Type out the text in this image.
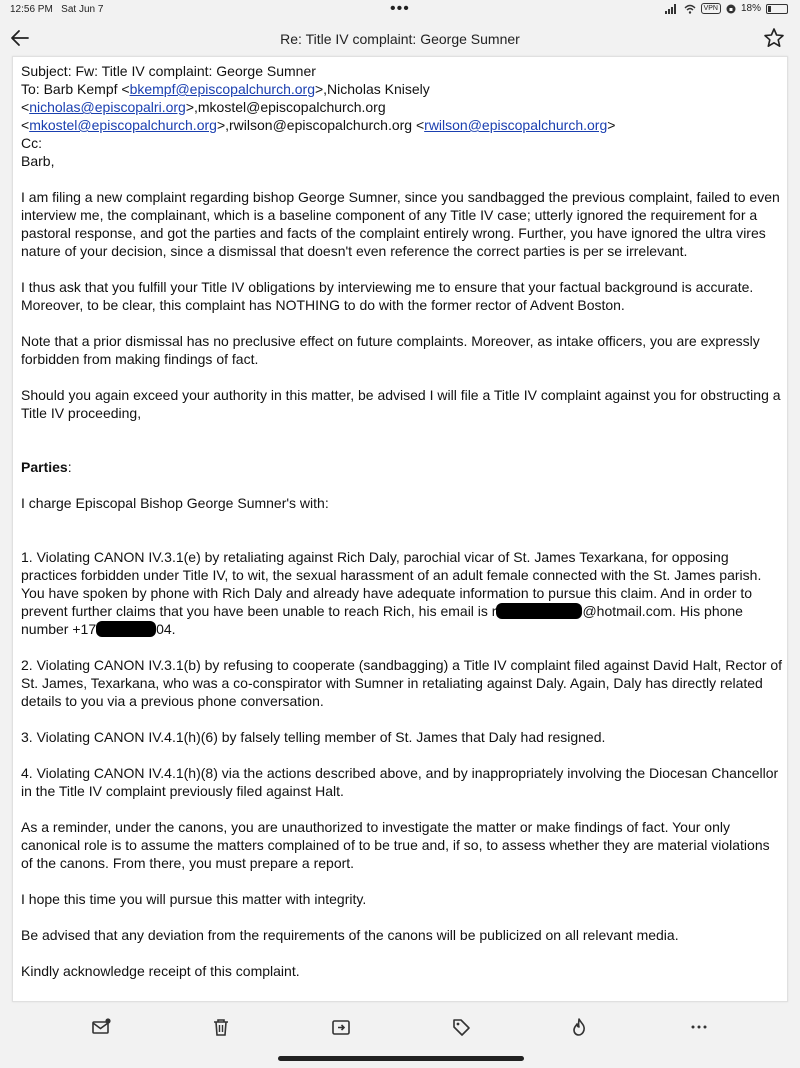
12:56 PM Sat Jun 7	•••	VPN	18%
Re: Title IV complaint: George Sumner

Subject: Fw: Title IV complaint: George Sumner

To: Barb Kempf <bkempf@episcopalchurch.org>,Nicholas Knisely

<nicholas@episcopalri.org>,mkostel@episcopalchurch.org

<mkostel@episcopalchurch.org>,rwilson@episcopalchurch.org <rwilson@episcopalchurch.org>

Cc:

Barb,

I am filing a new complaint regarding bishop George Sumner, since you sandbagged the previous complaint, failed to even interview me, the complainant, which is a baseline component of any Title IV case; utterly ignored the requirement for a pastoral response, and got the parties and facts of the complaint entirely wrong. Further, you have ignored the ultra vires nature of your decision, since a dismissal that doesn't even reference the correct parties is per se irrelevant.

I thus ask that you fulfill your Title IV obligations by interviewing me to ensure that your factual background is accurate. Moreover, to be clear, this complaint has NOTHING to do with the former rector of Advent Boston.

Note that a prior dismissal has no preclusive effect on future complaints. Moreover, as intake officers, you are expressly forbidden from making findings of fact.

Should you again exceed your authority in this matter, be advised I will file a Title IV complaint against you for obstructing a Title IV proceeding,

Parties:

I charge Episcopal Bishop George Sumner's with:

1. Violating CANON IV.3.1(e) by retaliating against Rich Daly, parochial vicar of St. James Texarkana, for opposing practices forbidden under Title IV, to wit, the sexual harassment of an adult female connected with the St. James parish. You have spoken by phone with Rich Daly and already have adequate information to pursue this claim. And in order to prevent further claims that you have been unable to reach Rich, his email is r	@hotmail.com. His phone number +17	04.

2. Violating CANON IV.3.1(b) by refusing to cooperate (sandbagging) a Title IV complaint filed against David Halt, Rector of St. James, Texarkana, who was a co-conspirator with Sumner in retaliating against Daly. Again, Daly has directly related details to you via a previous phone conversation.

3. Violating CANON IV.4.1(h)(6) by falsely telling member of St. James that Daly had resigned.

4. Violating CANON IV.4.1(h)(8) via the actions described above, and by inappropriately involving the Diocesan Chancellor in the Title IV complaint previously filed against Halt.

As a reminder, under the canons, you are unauthorized to investigate the matter or make findings of fact. Your only canonical role is to assume the matters complained of to be true and, if so, to assess whether they are material violations of the canons. From there, you must prepare a report.

I hope this time you will pursue this matter with integrity.

Be advised that any deviation from the requirements of the canons will be publicized on all relevant media.

Kindly acknowledge receipt of this complaint.
